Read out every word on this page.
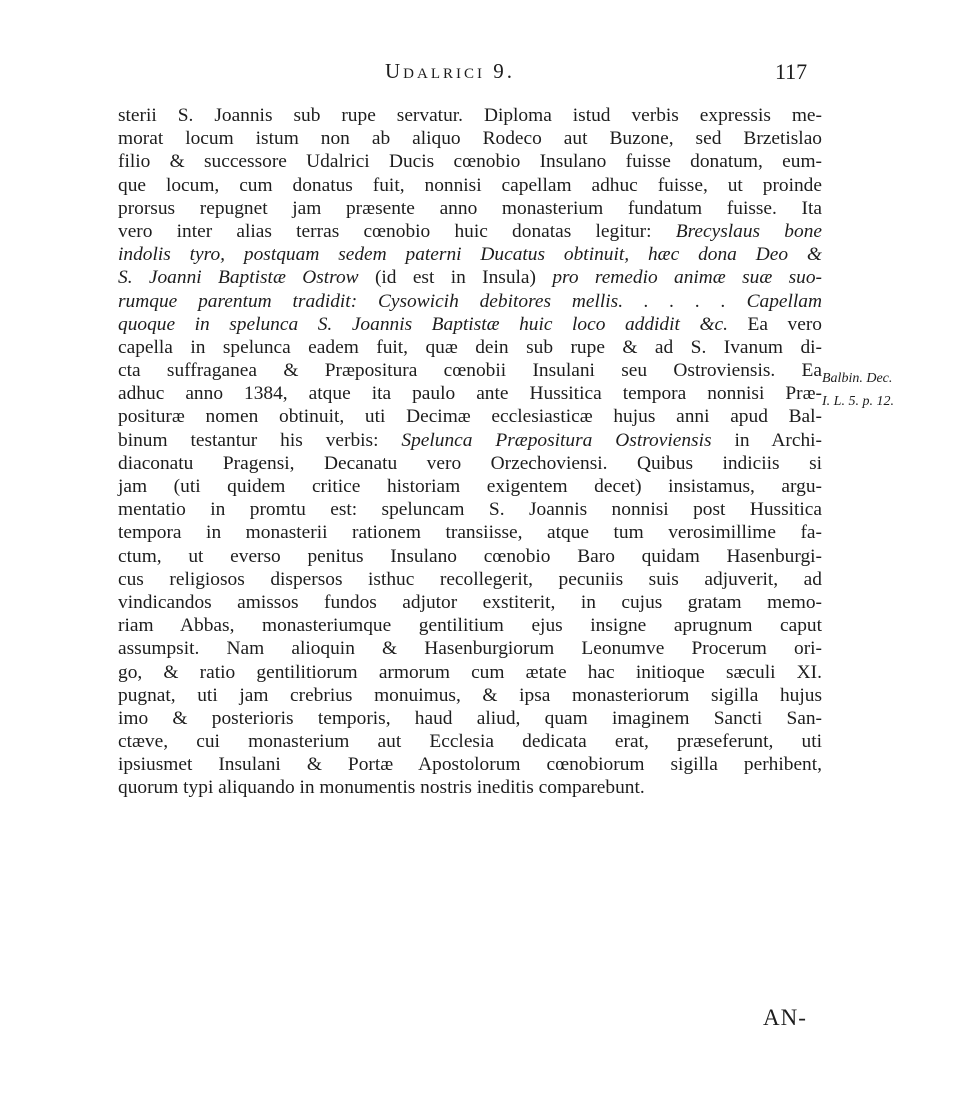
Udalrici 9.	117
sterii S. Joannis sub rupe servatur. Diploma istud verbis expressis me-
morat locum istum non ab aliquo Rodeco aut Buzone, sed Brzetislao
filio & successore Udalrici Ducis cœnobio Insulano fuisse donatum, eum-
que locum, cum donatus fuit, nonnisi capellam adhuc fuisse, ut proinde
prorsus repugnet jam præsente anno monasterium fundatum fuisse. Ita
vero inter alias terras cœnobio huic donatas legitur: Brecyslaus bone
indolis tyro, postquam sedem paterni Ducatus obtinuit, hæc dona Deo &
S. Joanni Baptistæ Ostrow (id est in Insula) pro remedio animæ suæ suo-
rumque parentum tradidit: Cysowicih debitores mellis. . . . . Capellam
quoque in spelunca S. Joannis Baptistæ huic loco addidit &c. Ea vero
capella in spelunca eadem fuit, quæ dein sub rupe & ad S. Ivanum di-
cta suffraganea & Præpositura cœnobii Insulani seu Ostroviensis. Ea
adhuc anno 1384, atque ita paulo ante Hussitica tempora nonnisi Præ-
posituræ nomen obtinuit, uti Decimæ ecclesiasticæ hujus anni apud Bal-
binum testantur his verbis: Spelunca Præpositura Ostroviensis in Archi-
diaconatu Pragensi, Decanatu vero Orzechoviensi. Quibus indiciis si
jam (uti quidem critice historiam exigentem decet) insistamus, argu-
mentatio in promtu est: speluncam S. Joannis nonnisi post Hussitica
tempora in monasterii rationem transiisse, atque tum verosimillime fa-
ctum, ut everso penitus Insulano cœnobio Baro quidam Hasenburgi-
cus religiosos dispersos isthuc recollegerit, pecuniis suis adjuverit, ad
vindicandos amissos fundos adjutor exstiterit, in cujus gratam memo-
riam Abbas, monasteriumque gentilitium ejus insigne aprugnum caput
assumpsit. Nam alioquin & Hasenburgiorum Leonumve Procerum ori-
go, & ratio gentilitiorum armorum cum ætate hac initioque sæculi XI.
pugnat, uti jam crebrius monuimus, & ipsa monasteriorum sigilla hujus
imo & posterioris temporis, haud aliud, quam imaginem Sancti San-
ctæve, cui monasterium aut Ecclesia dedicata erat, præseferunt, uti
ipsiusmet Insulani & Portæ Apostolorum cœnobiorum sigilla perhibent,
quorum typi aliquando in monumentis nostris ineditis comparebunt.
Balbin. Dec.
I. L. 5. p. 12.
AN-
